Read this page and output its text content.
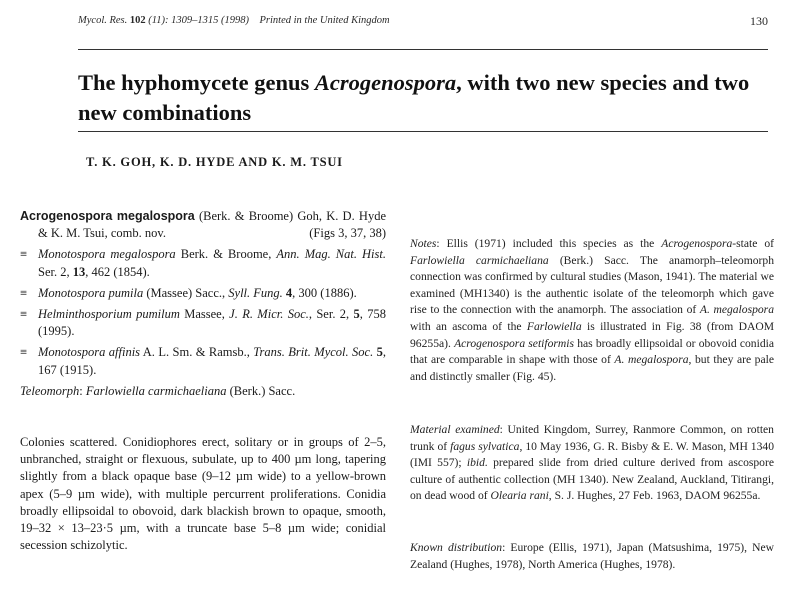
Mycol. Res. 102 (11): 1309–1315 (1998) Printed in the United Kingdom	130
The hyphomycete genus Acrogenospora, with two new species and two new combinations
T. K. GOH, K. D. HYDE AND K. M. TSUI

Acrogenospora megalospora (Berk. & Broome) Goh, K. D. Hyde & K. M. Tsui, comb. nov.	(Figs 3, 37, 38)

≡ Monotospora megalospora Berk. & Broome, Ann. Mag. Nat. Hist. Ser. 2, 13, 462 (1854).

≡ Monotospora pumila (Massee) Sacc., Syll. Fung. 4, 300 (1886).

≡ Helminthosporium pumilum Massee, J. R. Micr. Soc., Ser. 2, 5, 758 (1995).

≡ Monotospora affinis A. L. Sm. & Ramsb., Trans. Brit. Mycol. Soc. 5, 167 (1915).

Teleomorph: Farlowiella carmichaeliana (Berk.) Sacc.

Colonies scattered. Conidiophores erect, solitary or in groups of 2–5, unbranched, straight or flexuous, subulate, up to 400 µm long, tapering slightly from a black opaque base (9–12 µm wide) to a yellow-brown apex (5–9 µm wide), with multiple percurrent proliferations. Conidia broadly ellipsoidal to obovoid, dark blackish brown to opaque, smooth, 19–32 × 13–23·5 µm, with a truncate base 5–8 µm wide; conidial secession schizolytic.
Notes: Ellis (1971) included this species as the Acrogenospora-state of Farlowiella carmichaeliana (Berk.) Sacc. The anamorph–teleomorph connection was confirmed by cultural studies (Mason, 1941). The material we examined (MH1340) is the authentic isolate of the teleomorph which gave rise to the connection with the anamorph. The association of A. megalospora with an ascoma of the Farlowiella is illustrated in Fig. 38 (from DAOM 96255a). Acrogenospora setiformis has broadly ellipsoidal or obovoid conidia that are comparable in shape with those of A. megalospora, but they are pale and distinctly smaller (Fig. 45).
Material examined: United Kingdom, Surrey, Ranmore Common, on rotten trunk of fagus sylvatica, 10 May 1936, G. R. Bisby & E. W. Mason, MH 1340 (IMI 557); ibid. prepared slide from dried culture derived from ascospore culture of authentic collection (MH 1340). New Zealand, Auckland, Titirangi, on dead wood of Olearia rani, S. J. Hughes, 27 Feb. 1963, DAOM 96255a.
Known distribution: Europe (Ellis, 1971), Japan (Matsushima, 1975), New Zealand (Hughes, 1978), North America (Hughes, 1978).
